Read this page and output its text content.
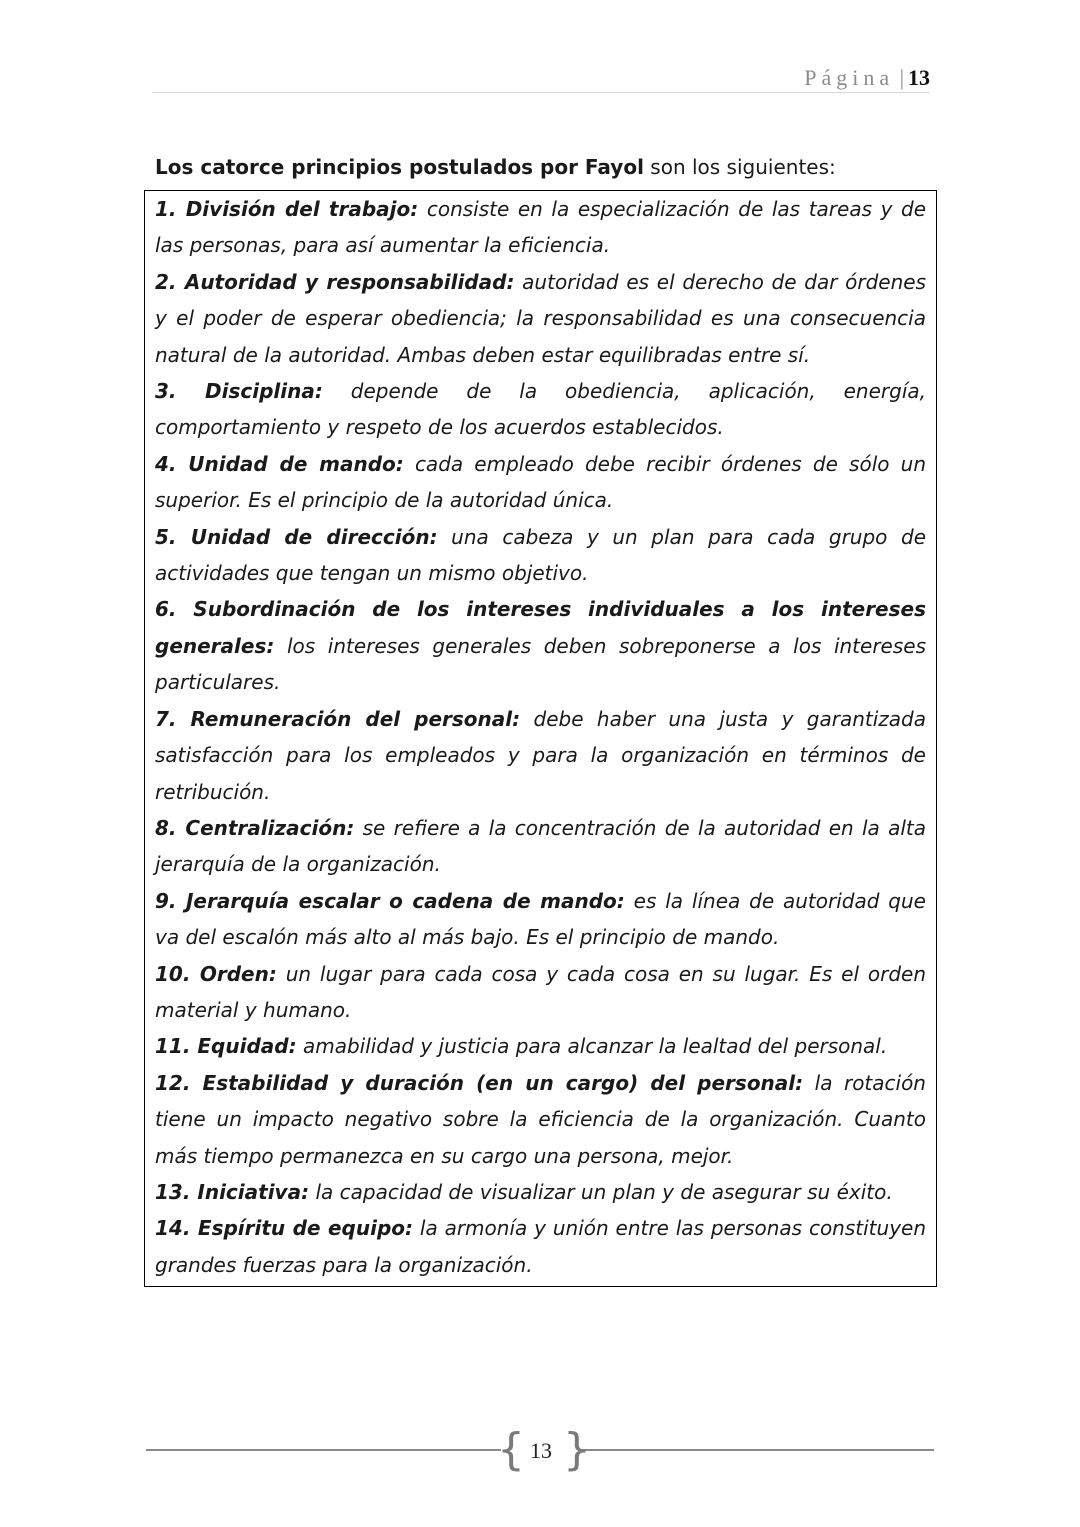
Página | 13
Los catorce principios postulados por Fayol son los siguientes:

1. División del trabajo: consiste en la especialización de las tareas y de las personas, para así aumentar la eficiencia.

2. Autoridad y responsabilidad: autoridad es el derecho de dar órdenes y el poder de esperar obediencia; la responsabilidad es una consecuencia natural de la autoridad. Ambas deben estar equilibradas entre sí.

3. Disciplina: depende de la obediencia, aplicación, energía, comportamiento y respeto de los acuerdos establecidos.

4. Unidad de mando: cada empleado debe recibir órdenes de sólo un superior. Es el principio de la autoridad única.

5. Unidad de dirección: una cabeza y un plan para cada grupo de actividades que tengan un mismo objetivo.

6. Subordinación de los intereses individuales a los intereses generales: los intereses generales deben sobreponerse a los intereses particulares.

7. Remuneración del personal: debe haber una justa y garantizada satisfacción para los empleados y para la organización en términos de retribución.

8. Centralización: se refiere a la concentración de la autoridad en la alta jerarquía de la organización.

9. Jerarquía escalar o cadena de mando: es la línea de autoridad que va del escalón más alto al más bajo. Es el principio de mando.

10. Orden: un lugar para cada cosa y cada cosa en su lugar. Es el orden material y humano.

11. Equidad: amabilidad y justicia para alcanzar la lealtad del personal.

12. Estabilidad y duración (en un cargo) del personal: la rotación tiene un impacto negativo sobre la eficiencia de la organización. Cuanto más tiempo permanezca en su cargo una persona, mejor.

13. Iniciativa: la capacidad de visualizar un plan y de asegurar su éxito.

14. Espíritu de equipo: la armonía y unión entre las personas constituyen grandes fuerzas para la organización.

{ }
13
